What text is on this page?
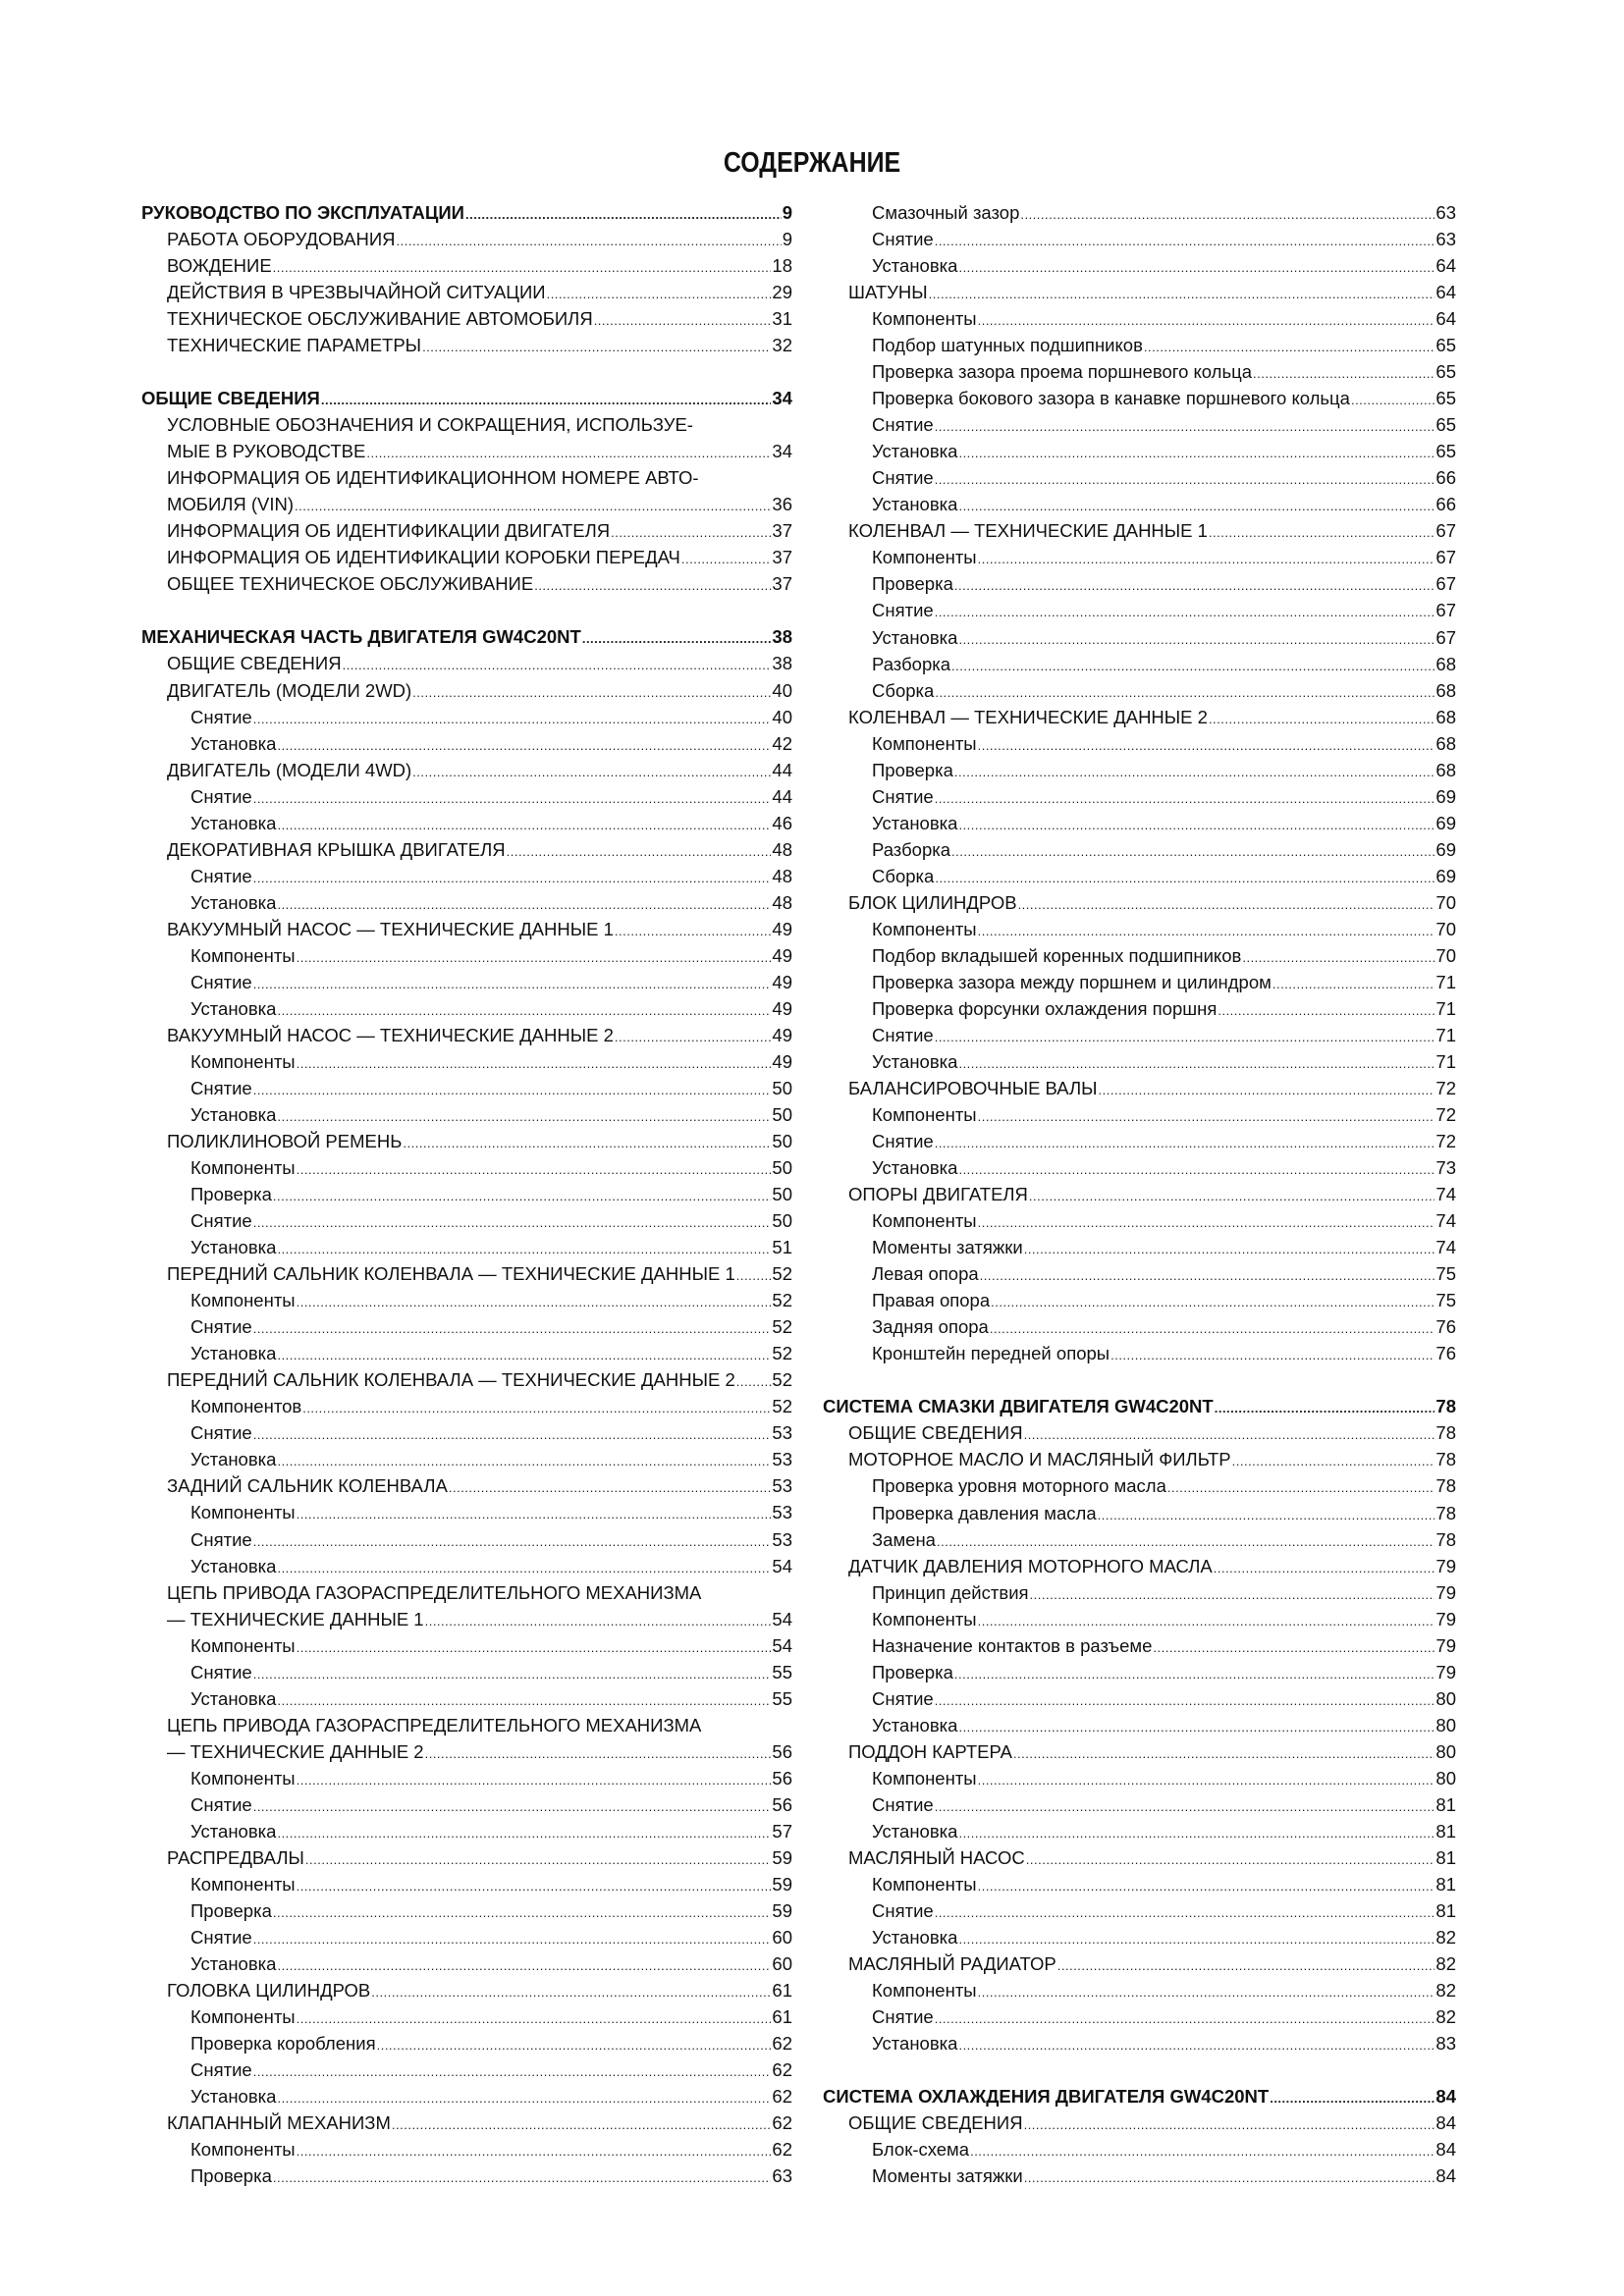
СОДЕРЖАНИЕ
РУКОВОДСТВО ПО ЭКСПЛУАТАЦИИ .....	9
РАБОТА ОБОРУДОВАНИЯ .....	9
ВОЖДЕНИЕ .....	18
ДЕЙСТВИЯ В ЧРЕЗВЫЧАЙНОЙ СИТУАЦИИ .....	29
ТЕХНИЧЕСКОЕ ОБСЛУЖИВАНИЕ АВТОМОБИЛЯ .....	31
ТЕХНИЧЕСКИЕ ПАРАМЕТРЫ .....	32
ОБЩИЕ СВЕДЕНИЯ .....	34
УСЛОВНЫЕ ОБОЗНАЧЕНИЯ И СОКРАЩЕНИЯ, ИСПОЛЬЗУЕ-
МЫЕ В РУКОВОДСТВЕ .....	34
ИНФОРМАЦИЯ ОБ ИДЕНТИФИКАЦИОННОМ НОМЕРЕ АВТО-
МОБИЛЯ (VIN) .....	36
ИНФОРМАЦИЯ ОБ ИДЕНТИФИКАЦИИ ДВИГАТЕЛЯ .....	37
ИНФОРМАЦИЯ ОБ ИДЕНТИФИКАЦИИ КОРОБКИ ПЕРЕДАЧ .....	37
ОБЩЕЕ ТЕХНИЧЕСКОЕ ОБСЛУЖИВАНИЕ .....	37
МЕХАНИЧЕСКАЯ ЧАСТЬ ДВИГАТЕЛЯ GW4C20NT .....	38
ОБЩИЕ СВЕДЕНИЯ .....	38
ДВИГАТЕЛЬ (МОДЕЛИ 2WD) .....	40
Снятие .....	40
Установка .....	42
ДВИГАТЕЛЬ (МОДЕЛИ 4WD) .....	44
Снятие .....	44
Установка .....	46
ДЕКОРАТИВНАЯ КРЫШКА ДВИГАТЕЛЯ .....	48
Снятие .....	48
Установка .....	48
ВАКУУМНЫЙ НАСОС — ТЕХНИЧЕСКИЕ ДАННЫЕ 1 .....	49
Компоненты .....	49
Снятие .....	49
Установка .....	49
ВАКУУМНЫЙ НАСОС — ТЕХНИЧЕСКИЕ ДАННЫЕ 2 .....	49
Компоненты .....	49
Снятие .....	50
Установка .....	50
ПОЛИКЛИНОВОЙ РЕМЕНЬ .....	50
Компоненты .....	50
Проверка .....	50
Снятие .....	50
Установка .....	51
ПЕРЕДНИЙ САЛЬНИК КОЛЕНВАЛА — ТЕХНИЧЕСКИЕ ДАННЫЕ 1 ..... 52
Компоненты .....	52
Снятие .....	52
Установка .....	52
ПЕРЕДНИЙ САЛЬНИК КОЛЕНВАЛА — ТЕХНИЧЕСКИЕ ДАННЫЕ 2 ..... 52
Компонентов .....	52
Снятие .....	53
Установка .....	53
ЗАДНИЙ САЛЬНИК КОЛЕНВАЛА .....	53
Компоненты .....	53
Снятие .....	53
Установка .....	54
ЦЕПЬ ПРИВОДА ГАЗОРАСПРЕДЕЛИТЕЛЬНОГО МЕХАНИЗМА
— ТЕХНИЧЕСКИЕ ДАННЫЕ 1 .....	54
Компоненты .....	54
Снятие .....	55
Установка .....	55
ЦЕПЬ ПРИВОДА ГАЗОРАСПРЕДЕЛИТЕЛЬНОГО МЕХАНИЗМА
— ТЕХНИЧЕСКИЕ ДАННЫЕ 2 .....	56
Компоненты .....	56
Снятие .....	56
Установка .....	57
РАСПРЕДВАЛЫ .....	59
Компоненты .....	59
Проверка .....	59
Снятие .....	60
Установка .....	60
ГОЛОВКА ЦИЛИНДРОВ .....	61
Компоненты .....	61
Проверка коробления .....	62
Снятие .....	62
Установка .....	62
КЛАПАННЫЙ МЕХАНИЗМ .....	62
Компоненты .....	62
Проверка .....	63
Смазочный зазор .....	63
Снятие .....	63
Установка .....	64
ШАТУНЫ .....	64
Компоненты .....	64
Подбор шатунных подшипников .....	65
Проверка зазора проема поршневого кольца .....	65
Проверка бокового зазора в канавке поршневого кольца .....	65
Снятие .....	65
Установка .....	65
Снятие .....	66
Установка .....	66
КОЛЕНВАЛ — ТЕХНИЧЕСКИЕ ДАННЫЕ 1 .....	67
Компоненты .....	67
Проверка .....	67
Снятие .....	67
Установка .....	67
Разборка .....	68
Сборка .....	68
КОЛЕНВАЛ — ТЕХНИЧЕСКИЕ ДАННЫЕ 2 .....	68
Компоненты .....	68
Проверка .....	68
Снятие .....	69
Установка .....	69
Разборка .....	69
Сборка .....	69
БЛОК ЦИЛИНДРОВ .....	70
Компоненты .....	70
Подбор вкладышей коренных подшипников .....	70
Проверка зазора между поршнем и цилиндром .....	71
Проверка форсунки охлаждения поршня .....	71
Снятие .....	71
Установка .....	71
БАЛАНСИРОВОЧНЫЕ ВАЛЫ .....	72
Компоненты .....	72
Снятие .....	72
Установка .....	73
ОПОРЫ ДВИГАТЕЛЯ .....	74
Компоненты .....	74
Моменты затяжки .....	74
Левая опора .....	75
Правая опора .....	75
Задняя опора .....	76
Кронштейн передней опоры .....	76
СИСТЕМА СМАЗКИ ДВИГАТЕЛЯ GW4C20NT .....	78
ОБЩИЕ СВЕДЕНИЯ .....	78
МОТОРНОЕ МАСЛО И МАСЛЯНЫЙ ФИЛЬТР .....	78
Проверка уровня моторного масла .....	78
Проверка давления масла .....	78
Замена .....	78
ДАТЧИК ДАВЛЕНИЯ МОТОРНОГО МАСЛА .....	79
Принцип действия .....	79
Компоненты .....	79
Назначение контактов в разъеме .....	79
Проверка .....	79
Снятие .....	80
Установка .....	80
ПОДДОН КАРТЕРА .....	80
Компоненты .....	80
Снятие .....	81
Установка .....	81
МАСЛЯНЫЙ НАСОС .....	81
Компоненты .....	81
Снятие .....	81
Установка .....	82
МАСЛЯНЫЙ РАДИАТОР .....	82
Компоненты .....	82
Снятие .....	82
Установка .....	83
СИСТЕМА ОХЛАЖДЕНИЯ ДВИГАТЕЛЯ GW4C20NT .....	84
ОБЩИЕ СВЕДЕНИЯ .....	84
Блок-схема .....	84
Моменты затяжки .....	84
